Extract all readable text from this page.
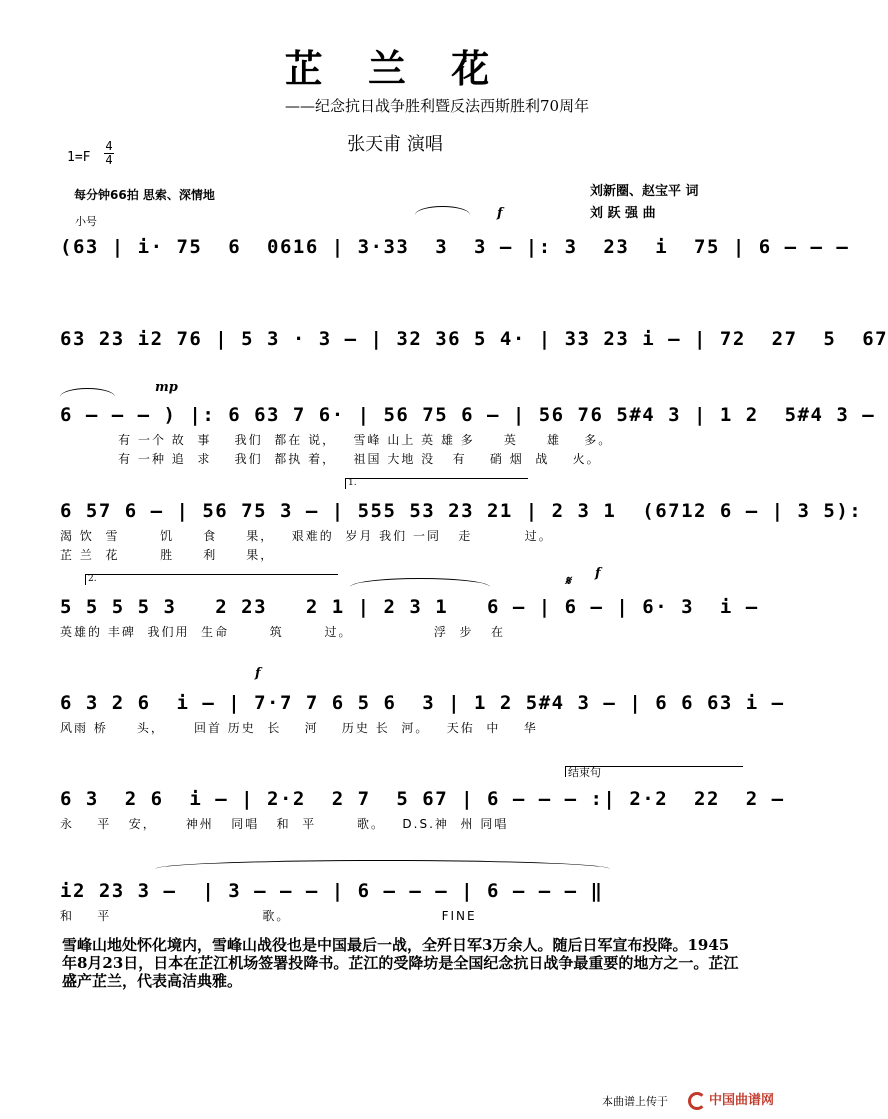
芷 兰 花
——纪念抗日战争胜利暨反法西斯胜利70周年
张天甫 演唱
1=F
4
4
每分钟66拍 思索、深情地	刘新圈、赵宝平 词
刘 跃 强 曲
小号
(63 | i· 75  6  0616 | 3·33  3  3 – |: 3  23  i  75 | 6 – – –
f
63 23 i2 76 | 5 3 · 3 – | 32 36 5 4· | 33 23 i – | 72  27  5  67
mp
6 – – – ) |: 6 63 7 6· | 56 75 6 – | 56 76 5#4 3 | 1 2  5#4 3 –
有 一个 故  事    我们  都在 说，   雪峰 山上 英 雄 多     英     雄    多。
有 一种 追  求    我们  都执 着，   祖国 大地 没   有    硝 烟  战    火。
1.
6 57 6 – | 56 75 3 – | 555 53 23 21 | 2 3 1  (6712 6 – | 3 5):
渴 饮  雪       饥     食     果，   艰难的  岁月 我们 一同   走         过。
芷 兰  花       胜     利     果，
2.	𝄋
f
5 5 5 5 3   2 23   2 1 | 2 3 1   6 – | 6 – | 6· 3  i –
英雄的 丰碑  我们用  生命       筑       过。              浮  步   在
f
6 3 2 6  i – | 7·7 7 6 5 6  3 | 1 2 5#4 3 – | 6 6 63 i –
风雨 桥     头，     回首 历史  长    河    历史 长  河。   天佑  中    华
结束句
6 3  2 6  i – | 2·2  2 7  5 67 | 6 – – – :| 2·2  22  2 –
永    平   安，     神州   同唱   和  平       歌。   D.S.神  州 同唱
i2 23 3 –  | 3 – – – | 6 – – – | 6 – – – ‖
和    平                          歌。                          FINE
雪峰山地处怀化境内，雪峰山战役也是中国最后一战，全歼日军3万余人。随后日军宣布投降。1945年8月23日，日本在芷江机场签署投降书。芷江的受降坊是全国纪念抗日战争最重要的地方之一。芷江盛产芷兰，代表高洁典雅。
本曲谱上传于	中国曲谱网
